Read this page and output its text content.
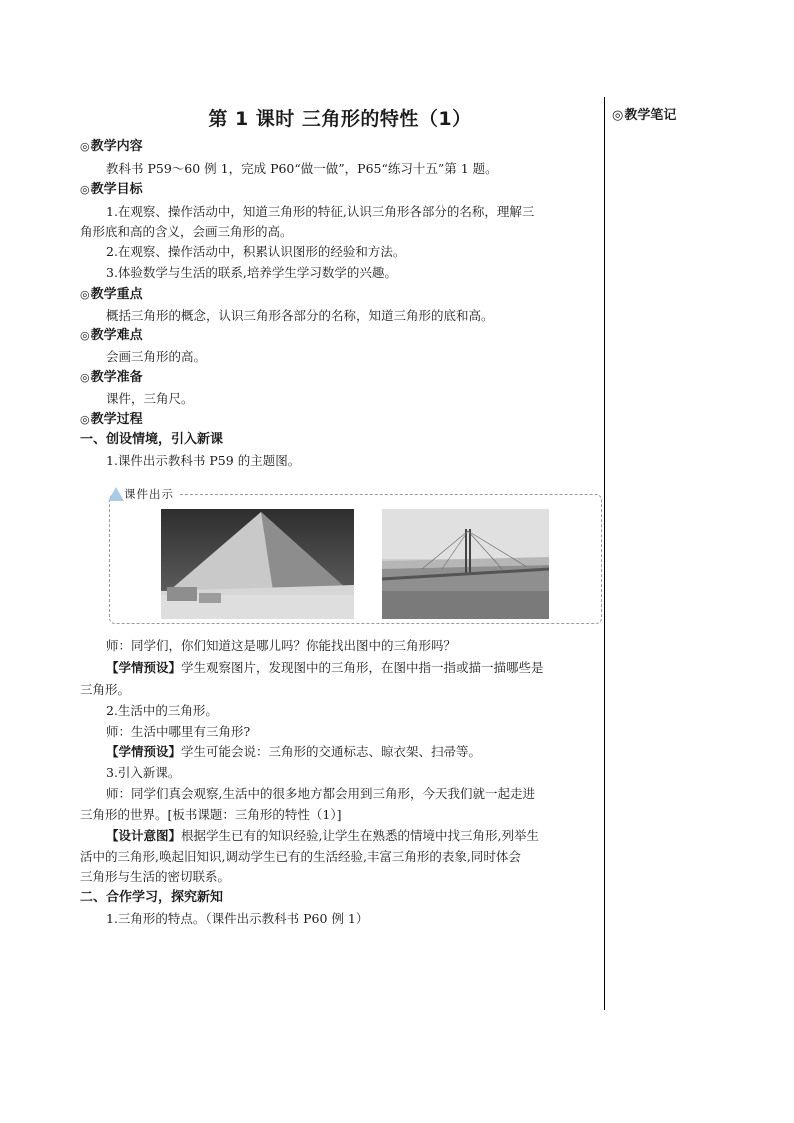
第 1 课时 三角形的特性（1）	◎教学笔记
◎教学内容
教科书 P59～60 例 1，完成 P60“做一做”，P65“练习十五”第 1 题。
◎教学目标
1.在观察、操作活动中，知道三角形的特征,认识三角形各部分的名称，理解三
角形底和高的含义，会画三角形的高。
2.在观察、操作活动中，积累认识图形的经验和方法。
3.体验数学与生活的联系,培养学生学习数学的兴趣。
◎教学重点
概括三角形的概念，认识三角形各部分的名称，知道三角形的底和高。
◎教学难点
会画三角形的高。
◎教学准备
课件，三角尺。
◎教学过程
一、创设情境，引入新课
1.课件出示教科书 P59 的主题图。
师：同学们，你们知道这是哪儿吗？你能找出图中的三角形吗？
【学情预设】学生观察图片，发现图中的三角形，在图中指一指或描一描哪些是
三角形。
2.生活中的三角形。
师：生活中哪里有三角形?
【学情预设】学生可能会说：三角形的交通标志、晾衣架、扫帚等。
3.引入新课。
师：同学们真会观察,生活中的很多地方都会用到三角形，今天我们就一起走进
三角形的世界。[板书课题：三角形的特性（1）]
【设计意图】根据学生已有的知识经验,让学生在熟悉的情境中找三角形,列举生
活中的三角形,唤起旧知识,调动学生已有的生活经验,丰富三角形的表象,同时体会
三角形与生活的密切联系。
二、合作学习，探究新知
1.三角形的特点。（课件出示教科书 P60 例 1）
课件出示
